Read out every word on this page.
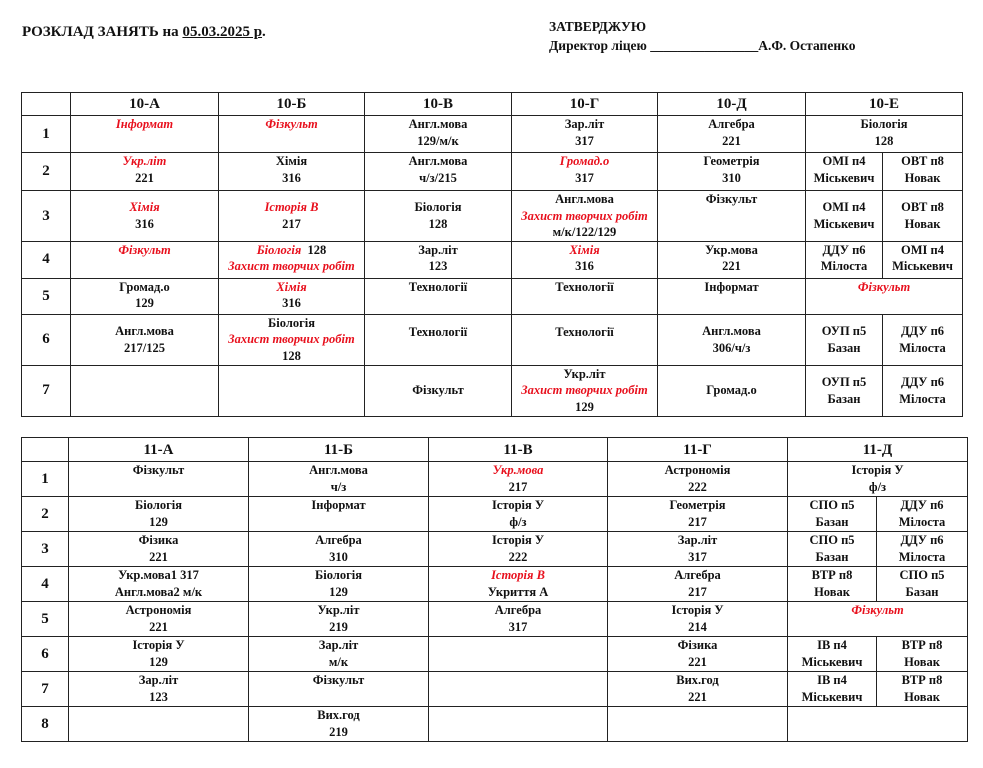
РОЗКЛАД ЗАНЯТЬ на 05.03.2025 р.	ЗАТВЕРДЖУЮ
Директор ліцею ________________А.Ф. Остапенко
	10-А	10-Б	10-В	10-Г	10-Д	10-Е	
1	Інформат	Фізкульт	Англ.мова
129/м/к	Зар.літ
317	Алгебра
221	Біологія
128	

2	Укр.літ
221	Хімія
316	Англ.мова
ч/з/215	Громад.о
317	Геометрія
310	ОМІ п4
Міськевич	ОВТ п8
Новак

3	Хімія
316	Історія В
217	Біологія
128	Англ.мова
Захист творчих робіт
м/к/122/129	Фізкульт	ОМІ п4
Міськевич	ОВТ п8
Новак

4	Фізкульт	Біологія  128
Захист творчих робіт	Зар.літ
123	Хімія
316	Укр.мова
221	ДДУ п6
Мілоста	ОМІ п4
Міськевич

5	Громад.о
129	Хімія
316	Технології	Технології	Інформат	Фізкульт	

6	Англ.мова
217/125	Біологія
Захист творчих робіт
128	Технології	Технології	Англ.мова
306/ч/з	ОУП п5
Базан	ДДУ п6
Мілоста

7			Фізкульт	Укр.літ
Захист творчих робіт
129	Громад.о	ОУП п5
Базан	ДДУ п6
Мілоста
	11-А	11-Б	11-В	11-Г	11-Д	
1	Фізкульт	Англ.мова
ч/з	Укр.мова
217	Астрономія
222	Історія У
ф/з	

2	Біологія
129	Інформат	Історія У
ф/з	Геометрія
217	СПО п5
Базан	ДДУ п6
Мілоста

3	Фізика
221	Алгебра
310	Історія У
222	Зар.літ
317	СПО п5
Базан	ДДУ п6
Мілоста

4	Укр.мова1 317
Англ.мова2 м/к	Біологія
129	Історія В
Укриття А	Алгебра
217	ВТР п8
Новак	СПО п5
Базан

5	Астрономія
221	Укр.літ
219	Алгебра
317	Історія У
214	Фізкульт	

6	Історія У
129	Зар.літ
м/к		Фізика
221	ІВ п4
Міськевич	ВТР п8
Новак

7	Зар.літ
123	Фізкульт		Вих.год
221	ІВ п4
Міськевич	ВТР п8
Новак

8		Вих.год
219				
